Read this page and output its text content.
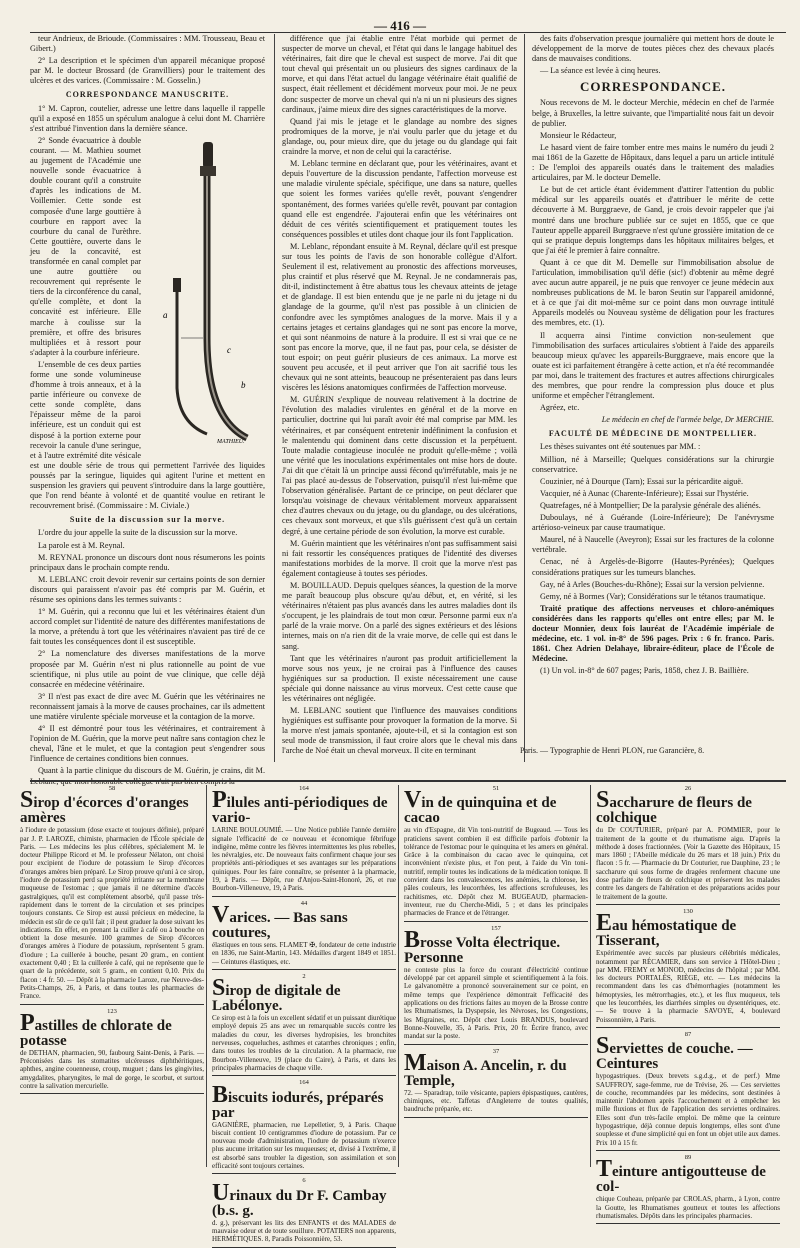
— 416 —

teur Andrieux, de Brioude. (Commissaires : MM. Trousseau, Beau et Gibert.)

2° La description et le spécimen d'un appareil mécanique proposé par M. le docteur Brossard (de Granvilliers) pour le traitement des ulcères et des varices. (Commissaire : M. Gosselin.)

CORRESPONDANCE MANUSCRITE.

1° M. Capron, coutelier, adresse une lettre dans laquelle il rappelle qu'il a exposé en 1855 un spéculum analogue à celui dont M. Charrière s'est attribué l'invention dans la dernière séance.

a
b
c
MATHIEU.

2° Sonde évacuatrice à double courant. — M. Mathieu soumet au jugement de l'Académie une nouvelle sonde évacuatrice à double courant qu'il a construite d'après les indications de M. Voillemier. Cette sonde est composée d'une large gouttière à courbure en rapport avec la courbure du canal de l'urèthre. Cette gouttière, ouverte dans le jeu de la concavité, est transformée en canal complet par une autre gouttière ou recouvrement qui représente le tiers de la circonférence du canal, qu'elle complète, et dont la concavité est inférieure. Elle marche à coulisse sur la première, et offre des brisures multipliées et à ressort pour s'adapter à la courbure inférieure.

L'ensemble de ces deux parties forme une sonde volumineuse d'homme à trois anneaux, et à la partie inférieure ou convexe de cette sonde complète, dans l'épaisseur même de la paroi inférieure, est un conduit qui est disposé à la portion externe pour recevoir la canule d'une seringue, et à l'autre extrémité dite vésicale est une double série de trous qui permettent l'arrivée des liquides poussés par la seringue, liquides qui agitent l'urine et mettent en suspension les graviers qui peuvent s'introduire dans la large gouttière, que l'on rend béante à volonté et de quantité voulue en retirant le recouvrement brisé. (Commissaire : M. Civiale.)

Suite de la discussion sur la morve.

L'ordre du jour appelle la suite de la discussion sur la morve.

La parole est à M. Reynal.

M. REYNAL prononce un discours dont nous résumerons les points principaux dans le prochain compte rendu.

M. LEBLANC croit devoir revenir sur certains points de son dernier discours qui paraissent n'avoir pas été compris par M. Guérin, et résume ses opinions dans les termes suivants :

1° M. Guérin, qui a reconnu que lui et les vétérinaires étaient d'un accord complet sur l'identité de nature des différentes manifestations de la morve, a prétendu à tort que les vétérinaires n'avaient pas tiré de ce fait toutes les conséquences dont il est susceptible.

2° La nomenclature des diverses manifestations de la morve proposée par M. Guérin n'est ni plus rationnelle au point de vue scientifique, ni plus utile au point de vue clinique, que celle déjà consacrée en médecine vétérinaire.

3° Il n'est pas exact de dire avec M. Guérin que les vétérinaires ne reconnaissent jamais à la morve de causes prochaines, car ils admettent une matière virulente spéciale morveuse et la contagion de la morve.

4° Il est démontré pour tous les vétérinaires, et contrairement à l'opinion de M. Guérin, que la morve peut naître sans contagion chez le cheval, l'âne et le mulet, et que la contagion peut s'engendrer sous l'influence de certaines conditions bien connues.

Quant à la partie clinique du discours de M. Guérin, je crains, dit M. Leblanc, que mon honorable collègue n'ait pas bien compris la

différence que j'ai établie entre l'état morbide qui permet de suspecter de morve un cheval, et l'état qui dans le langage habituel des vétérinaires, fait dire que le cheval est suspect de morve. J'ai dit que tout cheval qui présentait un ou plusieurs des signes cardinaux de la morve, et qui dans l'état actuel du langage vétérinaire était qualifié de suspect, était réellement et décidément morveux pour moi. Je ne peux donc suspecter de morve un cheval qui n'a ni un ni plusieurs des signes cardinaux, j'aime mieux dire des signes caractéristiques de la morve.

Quand j'ai mis le jetage et le glandage au nombre des signes prodromiques de la morve, je n'ai voulu parler que du jetage et du glandage, ou, pour mieux dire, que du jetage ou du glandage qui fait craindre la morve, et non de celui qui la caractérise.

M. Leblanc termine en déclarant que, pour les vétérinaires, avant et depuis l'ouverture de la discussion pendante, l'affection morveuse est une maladie virulente spéciale, spécifique, une dans sa nature, quelles que soient les formes variées qu'elle revêt, pouvant s'engendrer spontanément, des formes variées qu'elle revêt, pouvant par contagion quand elle est engendrée. J'ajouterai enfin que les vétérinaires ont déduit de ces vérités scientifiquement et pratiquement toutes les conséquences possibles et utiles dont chaque jour ils font l'application.

M. Leblanc, répondant ensuite à M. Reynal, déclare qu'il est presque sur tous les points de l'avis de son honorable collègue d'Alfort. Seulement il est, relativement au pronostic des affections morveuses, plus craintif et plus réservé que M. Reynal. Je ne condamnerais pas, dit-il, indistinctement à être abattus tous les chevaux atteints de jetage et de glandage. Il est bien entendu que je ne parle ni du jetage ni du glandage de la gourme, qu'il n'est pas possible à un clinicien de confondre avec les symptômes analogues de la morve. Mais il y a certains jetages et certains glandages qui ne sont pas encore la morve, et qui sont néanmoins de nature à la produire. Il est si vrai que ce ne sont pas encore la morve, que, il ne faut pas, pour cela, se désister de tout espoir; on peut guérir plusieurs de ces animaux. La morve est souvent peu accusée, et il peut arriver que l'on ait sacrifié tous les chevaux qui ne sont atteints, beaucoup ne présenteraient pas dans leurs viscères les lésions anatomiques confirmées de l'affection morveuse.

M. GUÉRIN s'explique de nouveau relativement à la doctrine de l'évolution des maladies virulentes en général et de la morve en particulier, doctrine qui lui paraît avoir été mal comprise par MM. les vétérinaires, et par conséquent entretenir indéfiniment la confusion et le malentendu qui dominent dans cette discussion et la perpétuent. Toute maladie contagieuse inoculée ne produit qu'elle-même ; voilà une vérité que les inoculations expérimentales ont mise hors de doute. J'ai dit que c'était là un principe aussi fécond qu'irréfutable, mais je ne l'ai pas placé au-dessus de l'observation, puisqu'il n'est lui-même que l'observation généralisée. Partant de ce principe, on peut déclarer que lorsqu'au voisinage de chevaux véritablement morveux apparaissent chez d'autres chevaux ou du jetage, ou du glandage, ou des ulcérations, ces chevaux sont morveux, et que s'ils guérissent c'est qu'à un certain degré, à une certaine période de son évolution, la morve est curable.

M. Guérin maintient que les vétérinaires n'ont pas suffisamment saisi ni fait ressortir les conséquences pratiques de l'identité des diverses manifestations morbides de la morve. Il croit que la morve n'est pas également contagieuse à toutes ses périodes.

M. BOUILLAUD. Depuis quelques séances, la question de la morve me paraît beaucoup plus obscure qu'au début, et, en vérité, si les vétérinaires n'étaient pas plus avancés dans les autres maladies dont ils s'occupent, je les plaindrais de tout mon cœur. Personne parmi eux n'a parlé de la vraie morve. On a parlé des signes extérieurs et des lésions internes, mais on n'a rien dit de la vraie morve, de celle qui est dans le sang.

Tant que les vétérinaires n'auront pas produit artificiellement la morve sous nos yeux, je ne croirai pas à l'influence des causes hygiéniques sur sa production. Il existe nécessairement une cause spéciale qui donne naissance au virus morveux. C'est cette cause que les vétérinaires ont négligée.

M. LEBLANC soutient que l'influence des mauvaises conditions hygiéniques est suffisante pour provoquer la formation de la morve. Si la morve n'est jamais spontanée, ajoute-t-il, et si la contagion est son seul mode de transmission, il faut croire alors que le cheval mis dans l'arche de Noé était un cheval morveux. Il cite en terminant

des faits d'observation presque journalière qui mettent hors de doute le développement de la morve de toutes pièces chez des chevaux placés dans de mauvaises conditions.

— La séance est levée à cinq heures.

CORRESPONDANCE.

Nous recevons de M. le docteur Merchie, médecin en chef de l'armée belge, à Bruxelles, la lettre suivante, que l'impartialité nous fait un devoir de publier.

Monsieur le Rédacteur,

Le hasard vient de faire tomber entre mes mains le numéro du jeudi 2 mai 1861 de la Gazette de Hôpitaux, dans lequel a paru un article intitulé : De l'emploi des appareils ouatés dans le traitement des maladies articulaires, par M. le docteur Demelle.

Le but de cet article étant évidemment d'attirer l'attention du public médical sur les appareils ouatés et d'attribuer le mérite de cette découverte à M. Burggraeve, de Gand, je crois devoir rappeler que j'ai montré dans une brochure publiée sur ce sujet en 1855, que ce que l'auteur appelle appareil Burggraeve n'est qu'une grossière imitation de ce qui se pratique depuis longtemps dans les hôpitaux militaires belges, et que j'ai été le premier à faire connaître.

Quant à ce que dit M. Demelle sur l'immobilisation absolue de l'articulation, immobilisation qu'il défie (sic!) d'obtenir au même degré avec aucun autre appareil, je ne puis que renvoyer ce jeune médecin aux nombreuses publications de M. le baron Seutin sur l'appareil amidonné, et à ce que j'ai dit moi-même sur ce point dans mon ouvrage intitulé Appareils modelés ou Nouveau système de déligation pour les fractures des membres, etc. (1).

Il acquerra ainsi l'intime conviction non-seulement que l'immobilisation des surfaces articulaires s'obtient à l'aide des appareils beaucoup mieux qu'avec les appareils-Burggraeve, mais encore que la ouate est ici parfaitement étrangère à cette action, et n'a été recommandée par moi, dans le traitement des fractures et autres affections chirurgicales des membres, que pour rendre la compression plus douce et plus uniforme et empêcher l'étranglement.

Agréez, etc.

Le médecin en chef de l'armée belge, Dr MERCHIE.
FACULTÉ DE MÉDECINE DE MONTPELLIER.

Les thèses suivantes ont été soutenues par MM. :

Million, né à Marseille; Quelques considérations sur la chirurgie conservatrice.

Couzinier, né à Dourque (Tarn); Essai sur la péricardite aiguë.

Vacquier, né à Aunac (Charente-Inférieure); Essai sur l'hystérie.

Quatrefages, né à Montpellier; De la paralysie générale des aliénés.

Duboulays, né à Guérande (Loire-Inférieure); De l'anévrysme artérioso-veineux par cause traumatique.

Maurel, né à Naucelle (Aveyron); Essai sur les fractures de la colonne vertébrale.

Cenac, né à Argelès-de-Bigorre (Hautes-Pyrénées); Quelques considérations pratiques sur les tumeurs blanches.

Gay, né à Arles (Bouches-du-Rhône); Essai sur la version pelvienne.

Gemy, né à Bormes (Var); Considérations sur le tétanos traumatique.

Traité pratique des affections nerveuses et chloro-anémiques considérées dans les rapports qu'elles ont entre elles; par M. le docteur Monnier, deux fois lauréat de l'Académie impériale de médecine, etc. 1 vol. in-8° de 596 pages. Prix : 6 fr. franco. Paris. 1861. Chez Adrien Delahaye, libraire-éditeur, place de l'École de Médecine.

(1) Un vol. in-8° de 607 pages; Paris, 1858, chez J. B. Baillière.

Paris. — Typographie de Henri PLON, rue Garancière, 8.
58
Sirop d'écorces d'oranges amères

à l'iodure de potassium (dose exacte et toujours définie), préparé par J. P. LAROZE, chimiste, pharmacien de l'École spéciale de Paris. — Les médecins les plus célèbres, spécialement M. le docteur Philippe Ricord et M. le professeur Nélaton, ont choisi pour excipient de l'iodure de potassium le Sirop d'écorces d'oranges amères bien préparé. Le Sirop prouve qu'uni à ce sirop, l'iodure de potassium perd sa propriété irritante sur la membrane muqueuse de l'estomac ; que jamais il ne détermine d'accès gastralgiques, qu'il est complètement absorbé, qu'il passe très-rapidement dans le torrent de la circulation et ses principes toujours constants. Ce Sirop est aussi précieux en médecine, la médecin est sûr de ce qu'il fait ; il peut graduer la dose suivant les indications. En effet, en prenant la cuiller à café ou à bouche on obtient la dose mesurée. 100 grammes de Sirop d'écorces d'oranges amères à l'iodure de potassium, représentent 5 gram. d'iodure ; La cuillerée à bouche, pesant 20 gram., en contient exactement 0,40 ; Et la cuillerée à café, qui ne représente que le quart de la précédente, soit 5 gram., en contient 0,10. Prix du flacon : 4 fr. 50. — Dépôt à la pharmacie Laroze, rue Neuve-des-Petits-Champs, 26, à Paris, et dans toutes les pharmacies de France.

123
Pastilles de chlorate de potasse

de DETHAN, pharmacien, 90, faubourg Saint-Denis, à Paris. — Préconisées dans les stomatites ulcéreuses diphthéritiques, aphthes, angine couenneuse, croup, muguet ; dans les gingivites, amygdalites, pharyngites, le mal de gorge, le scorbut, et surtout contre la salivation mercurielle.

164
Pilules anti-périodiques de vario-

LARINE BOULOUMIÉ. — Une Notice publiée l'année dernière signale l'efficacité de ce nouveau et économique fébrifuge indigène, même contre les fièvres intermittentes les plus rebelles, les névralgies, etc. De nouveaux faits confirment chaque jour ses propriétés anti-périodiques et ses avantages sur les préparations quiniques. Pour les faire connaître, se présenter à la pharmacie, 19, à Paris. — Dépôt, rue d'Anjou-Saint-Honoré, 26, et rue Bourbon-Villeneuve, 19, à Paris.

44
Varices. — Bas sans coutures,

élastiques en tous sens. FLAMET ✠, fondateur de cette industrie en 1836, rue Saint-Martin, 143. Médailles d'argent 1849 et 1851. — Ceintures élastiques, etc.

2
Sirop de digitale de Labélonye.

Ce sirop est à la fois un excellent sédatif et un puissant diurétique employé depuis 25 ans avec un remarquable succès contre les maladies du cœur, les diverses hydropisies, les bronchites nerveuses, coqueluches, asthmes et catarrhes chroniques ; enfin, dans toutes les troubles de la circulation. A la pharmacie, rue Bourbon-Villeneuve, 19 (place du Caire), à Paris, et dans les principales pharmacies de chaque ville.

164
Biscuits iodurés, préparés par

GAGNIÈRE, pharmacien, rue Lepelletier, 9, à Paris. Chaque biscuit contient 10 centigrammes d'iodure de potassium. Par ce nouveau mode d'administration, l'iodure de potassium n'exerce plus aucune irritation sur les muqueuses; et, divisé à l'extrême, il est absorbé sans troubler la digestion, son assimilation et son efficacité sont toujours certaines.

6
Urinaux du Dr F. Cambay (b.s. g.

d. g.), préservant les lits des ENFANTS et des MALADES de mauvaise odeur et de toute souillure. POTATIERS non apparents, HERMÉTIQUES. 8, Paradis Poissonnière, 53.

51
Vin de quinquina et de cacao

au vin d'Espagne, dit Vin toni-nutritif de Bugeaud. — Tous les praticiens savent combien il est difficile parfois d'obtenir la tolérance de l'estomac pour le quinquina et les amers en général. Grâce à la combinaison du cacao avec le quinquina, cet inconvénient n'existe plus, et l'on peut, à l'aide du Vin toni-nutritif, remplir toutes les indications de la médication tonique. Il convient dans les convalescences, les anémies, la chlorose, les pâles couleurs, les leucorrhées, les affections scrofuleuses, les rachitismes, etc. Dépôt chez M. BUGEAUD, pharmacien-inventeur, rue du Cherche-Midi, 5 ; et dans les principales pharmacies de France et de l'étranger.

157
Brosse Volta électrique. Personne

ne conteste plus la force du courant d'électricité continue développé par cet appareil simple et scientifiquement à la fois. Le galvanomètre a prononcé souverainement sur ce point, en même temps que l'expérience démontrait l'efficacité des applications ou des frictions faites au moyen de la Brosse contre les Rhumatismes, la Dyspepsie, les Névroses, les Congestions, les Migraines, etc. Dépôt chez Louis BRANDUS, boulevard Bonne-Nouvelle, 35, à Paris. Prix, 20 fr. Écrire franco, avec mandat sur la poste.

37
Maison A. Ancelin, r. du Temple,

72. — Sparadrap, toile vésicante, papiers épispastiques, cautères, chimiques, etc. Taffetas d'Angleterre de toutes qualités, baudruche préparée, etc.

26
Saccharure de fleurs de colchique

du Dr COUTURIER, préparé par A. POMMIER, pour le traitement de la goutte et du rhumatisme aigu. D'après la méthode à doses fractionnées. (Voir la Gazette des Hôpitaux, 15 mars 1860 ; l'Abeille médicale du 26 mars et 18 juin.) Prix du flacon : 5 fr. — Pharmacie du Dr Couturier, rue Dauphine, 23 ; le saccharure qui sous forme de dragées renferment chacune une dose parfaite de fleurs de colchique et préservent les malades contre les dangers de l'altération et des préparations acides pour le traitement de la goutte.

130
Eau hémostatique de Tisserant,

Expérimentée avec succès par plusieurs célébrités médicales, notamment par RÉCAMIER, dans son service à l'Hôtel-Dieu ; par MM. FREMY et MONOD, médecins de l'hôpital ; par MM. les docteurs PORTALÈS, RIÈGE, etc. — Les médecins la recommandent dans les cas d'hémorrhagies (notamment les hémoptysies, les métrorrhagies, etc.), et les flux muqueux, tels que les leucorrhées, les diarrhées simples ou dysentériques, etc. — Se trouve à la pharmacie SAVOYE, 4, boulevard Poissonnière, à Paris.

87
Serviettes de couche. — Ceintures

hypogastriques. (Deux brevets s.g.d.g., et de perf.) Mme SAUFFROY, sage-femme, rue de Trévise, 26. — Ces serviettes de couche, recommandées par les médecins, sont destinées à maintenir l'abdomen après l'accouchement et à empêcher les mille fluxions et flux de l'application des serviettes ordinaires. Elles sont d'un très-facile emploi. De même que la ceinture hypogastrique, déjà connue depuis longtemps, elles sont d'une souplesse et d'une simplicité qui en font un objet utile aux dames. Prix 10 à 15 fr.

89
Teinture antigoutteuse de col-

chique Couheau, préparée par CROLAS, pharm., à Lyon, contre la Goutte, les Rhumatismes goutteux et toutes les affections rhumatismales. Dépôts dans les principales pharmacies.
